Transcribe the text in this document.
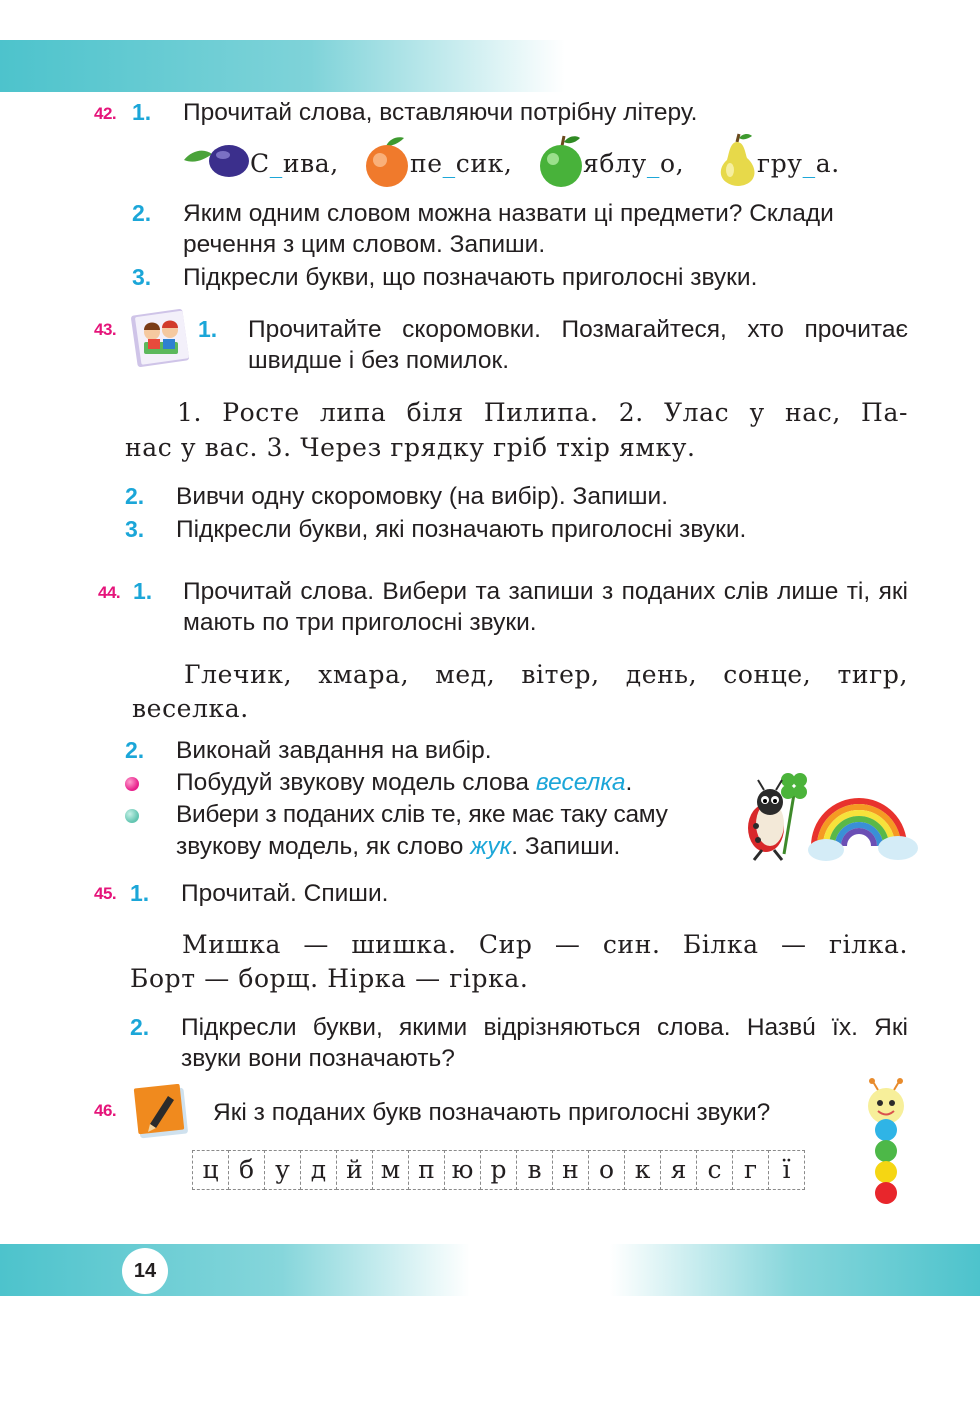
14
42. 1. Прочитай слова, вставляючи потрібну літеру.
С_ива,	пе_сик,	яблу_о,	гру_а.
2. Яким одним словом можна назвати ці предмети? Склади речення з цим словом. Запиши.
3. Підкресли букви, що позначають приголосні звуки.
43.	1. Прочитайте скоромовки. Позмагайтеся, хто прочитає швидше і без помилок.
1. Росте липа біля Пилипа. 2. Улас у нас, Па-
нас у вас. 3. Через грядку гріб тхір ямку.
2. Вивчи одну скоромовку (на вибір). Запиши.
3. Підкресли букви, які позначають приголосні звуки.
44. 1. Прочитай слова. Вибери та запиши з поданих слів лише ті, які мають по три приголосні звуки.
Глечик, хмара, мед, вітер, день, сонце, тигр,
веселка.
2. Виконай завдання на вибір.
Побудуй звукову модель слова веселка.
Вибери з поданих слів те, яке має таку саму
звукову модель, як слово жук. Запиши.
45. 1. Прочитай. Спиши.
Мишка — шишка. Сир — син. Білка — гілка.
Борт — борщ. Нірка — гірка.
2. Підкресли букви, якими відрізняються слова. Назвú їх. Які звуки вони позначають?
46.	Які з поданих букв позначають приголосні звуки?
ц б у д й м п ю р в н о к я с г	ї
